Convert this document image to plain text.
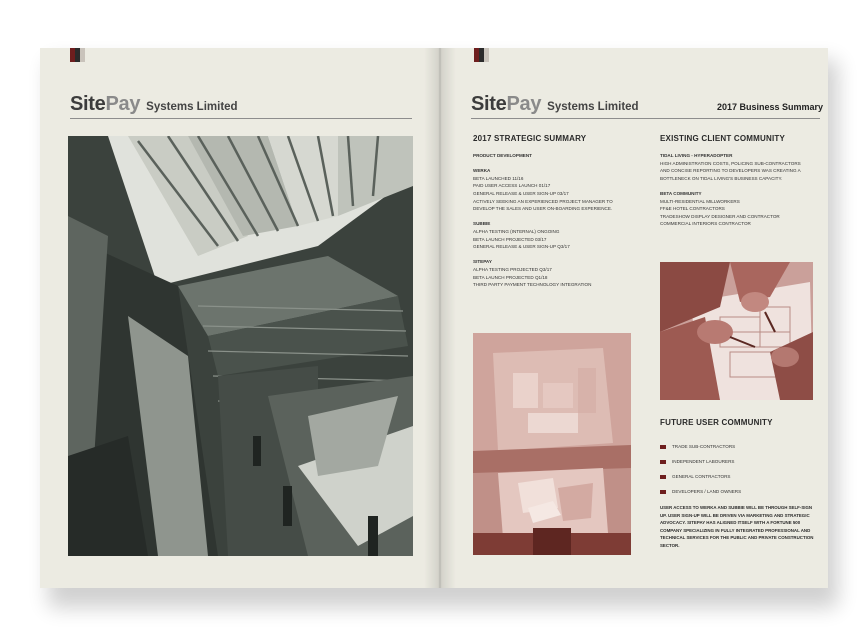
SitePay Systems Limited	SitePay Systems Limited	2017 Business Summary
2017 STRATEGIC SUMMARY
PRODUCT DEVELOPMENT
WERKA
BETA LAUNCHED 11/16
PAID USER ACCESS LAUNCH 01/17
GENERAL RELEASE & USER SIGN-UP 03/17
ACTIVELY SEEKING AN EXPERIENCED PROJECT MANAGER TO
DEVELOP THE SALES AND USER ON-BOARDING EXPERIENCE.
SUBBIE
ALPHA TESTING (INTERNAL) ONGOING
BETA LAUNCH PROJECTED 03/17
GENERAL RELEASE & USER SIGN-UP Q3/17
SITEPAY
ALPHA TESTING PROJECTED Q3/17
BETA LAUNCH PROJECTED Q1/18
THIRD PARTY PAYMENT TECHNOLOGY INTEGRATION
EXISTING CLIENT COMMUNITY
TIDAL LIVING - HYPERADOPTER
HIGH ADMINISTRATION COSTS, POLICING SUB-CONTRACTORS
AND CONCISE REPORTING TO DEVELOPERS WAS CREATING A
BOTTLENECK ON TIDAL LIVING'S BUSINESS CAPACITY.
BETA COMMUNITY
MULTI-RESIDENTIAL MILLWORKERS
FF&E HOTEL CONTRACTORS
TRADESHOW DISPLAY DESIGNER AND CONTRACTOR
COMMERCIAL INTERIORS CONTRACTOR
FUTURE USER COMMUNITY
TRADE SUB-CONTRACTORS
INDEPENDENT LABOURERS
GENERAL CONTRACTORS
DEVELOPERS / LAND OWNERS
USER ACCESS TO WERKA AND SUBBIE WILL BE THROUGH SELF-SIGN UP. USER SIGN-UP WILL BE DRIVEN VIA MARKETING AND STRATEGIC ADVOCACY. SITEPAY HAS ALIGNED ITSELF WITH A FORTUNE 500 COMPANY SPECIALIZING IN FULLY INTEGRATED PROFESSIONAL AND TECHNICAL SERVICES FOR THE PUBLIC AND PRIVATE CONSTRUCTION SECTOR.
